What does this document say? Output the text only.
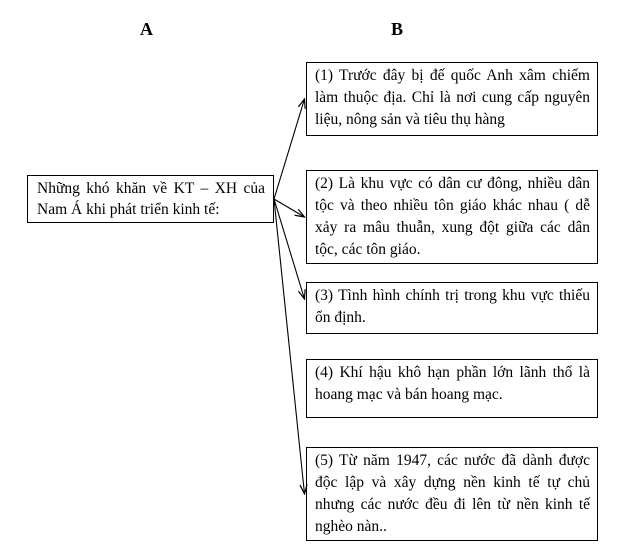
A	B
Những khó khăn về KT – XH của Nam Á khi phát triển kinh tế:
(1) Trước đây bị đế quốc Anh xâm chiếm làm thuộc địa. Chỉ là nơi cung cấp nguyên liệu, nông sản và tiêu thụ hàng
(2) Là khu vực có dân cư đông, nhiều dân tộc và theo nhiều tôn giáo khác nhau ( dễ xảy ra mâu thuẫn, xung đột giữa các dân tộc, các tôn giáo.
(3) Tình hình chính trị trong khu vực thiếu ổn định.
(4) Khí hậu khô hạn phần lớn lãnh thổ là hoang mạc và bán hoang mạc.
(5) Từ năm 1947, các nước đã dành được độc lập và xây dựng nền kinh tế tự chủ nhưng các nước đều đi lên từ nền kinh tế nghèo nàn..
